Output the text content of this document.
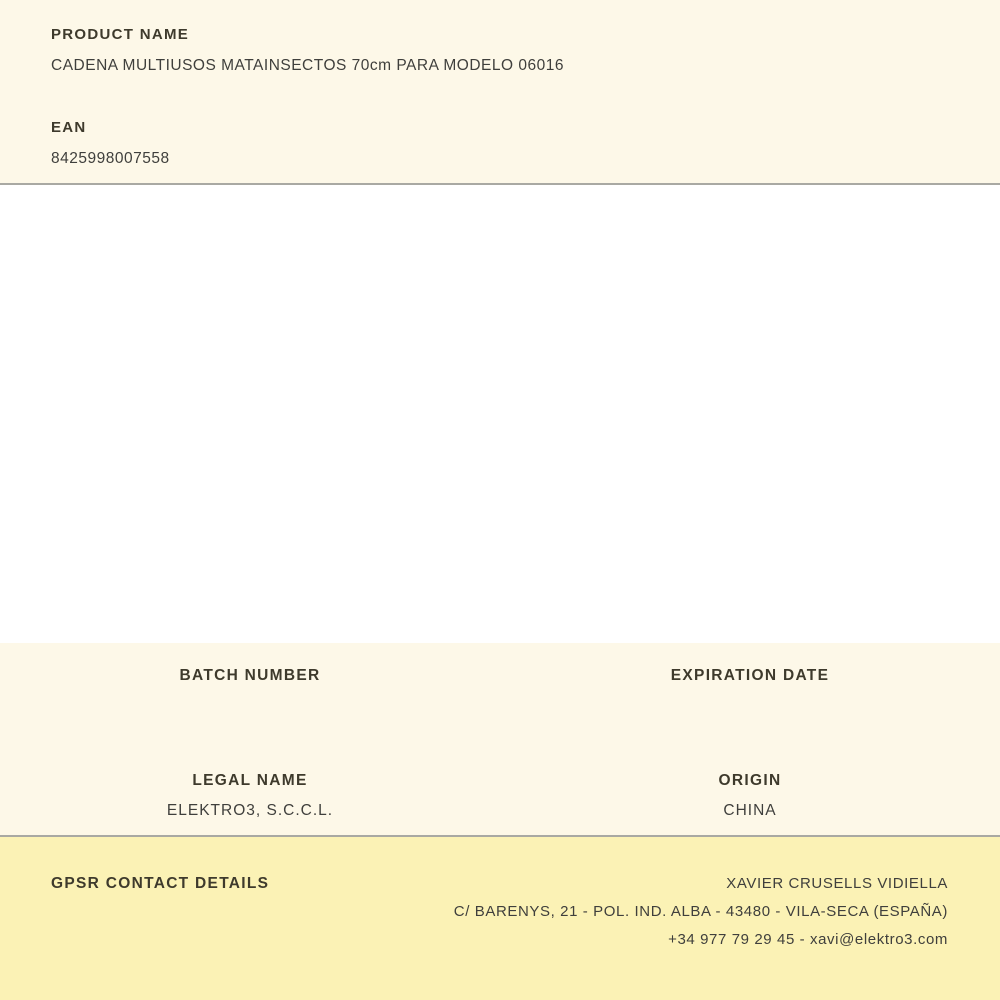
PRODUCT NAME
CADENA MULTIUSOS MATAINSECTOS 70cm PARA MODELO 06016
EAN
8425998007558
BATCH NUMBER	EXPIRATION DATE
LEGAL NAME
ELEKTRO3, S.C.C.L.
ORIGIN
CHINA
GPSR CONTACT DETAILS	XAVIER CRUSELLS VIDIELLA
C/ BARENYS, 21 - POL. IND. ALBA - 43480 - VILA-SECA (ESPAÑA)
+34 977 79 29 45 - xavi@elektro3.com
